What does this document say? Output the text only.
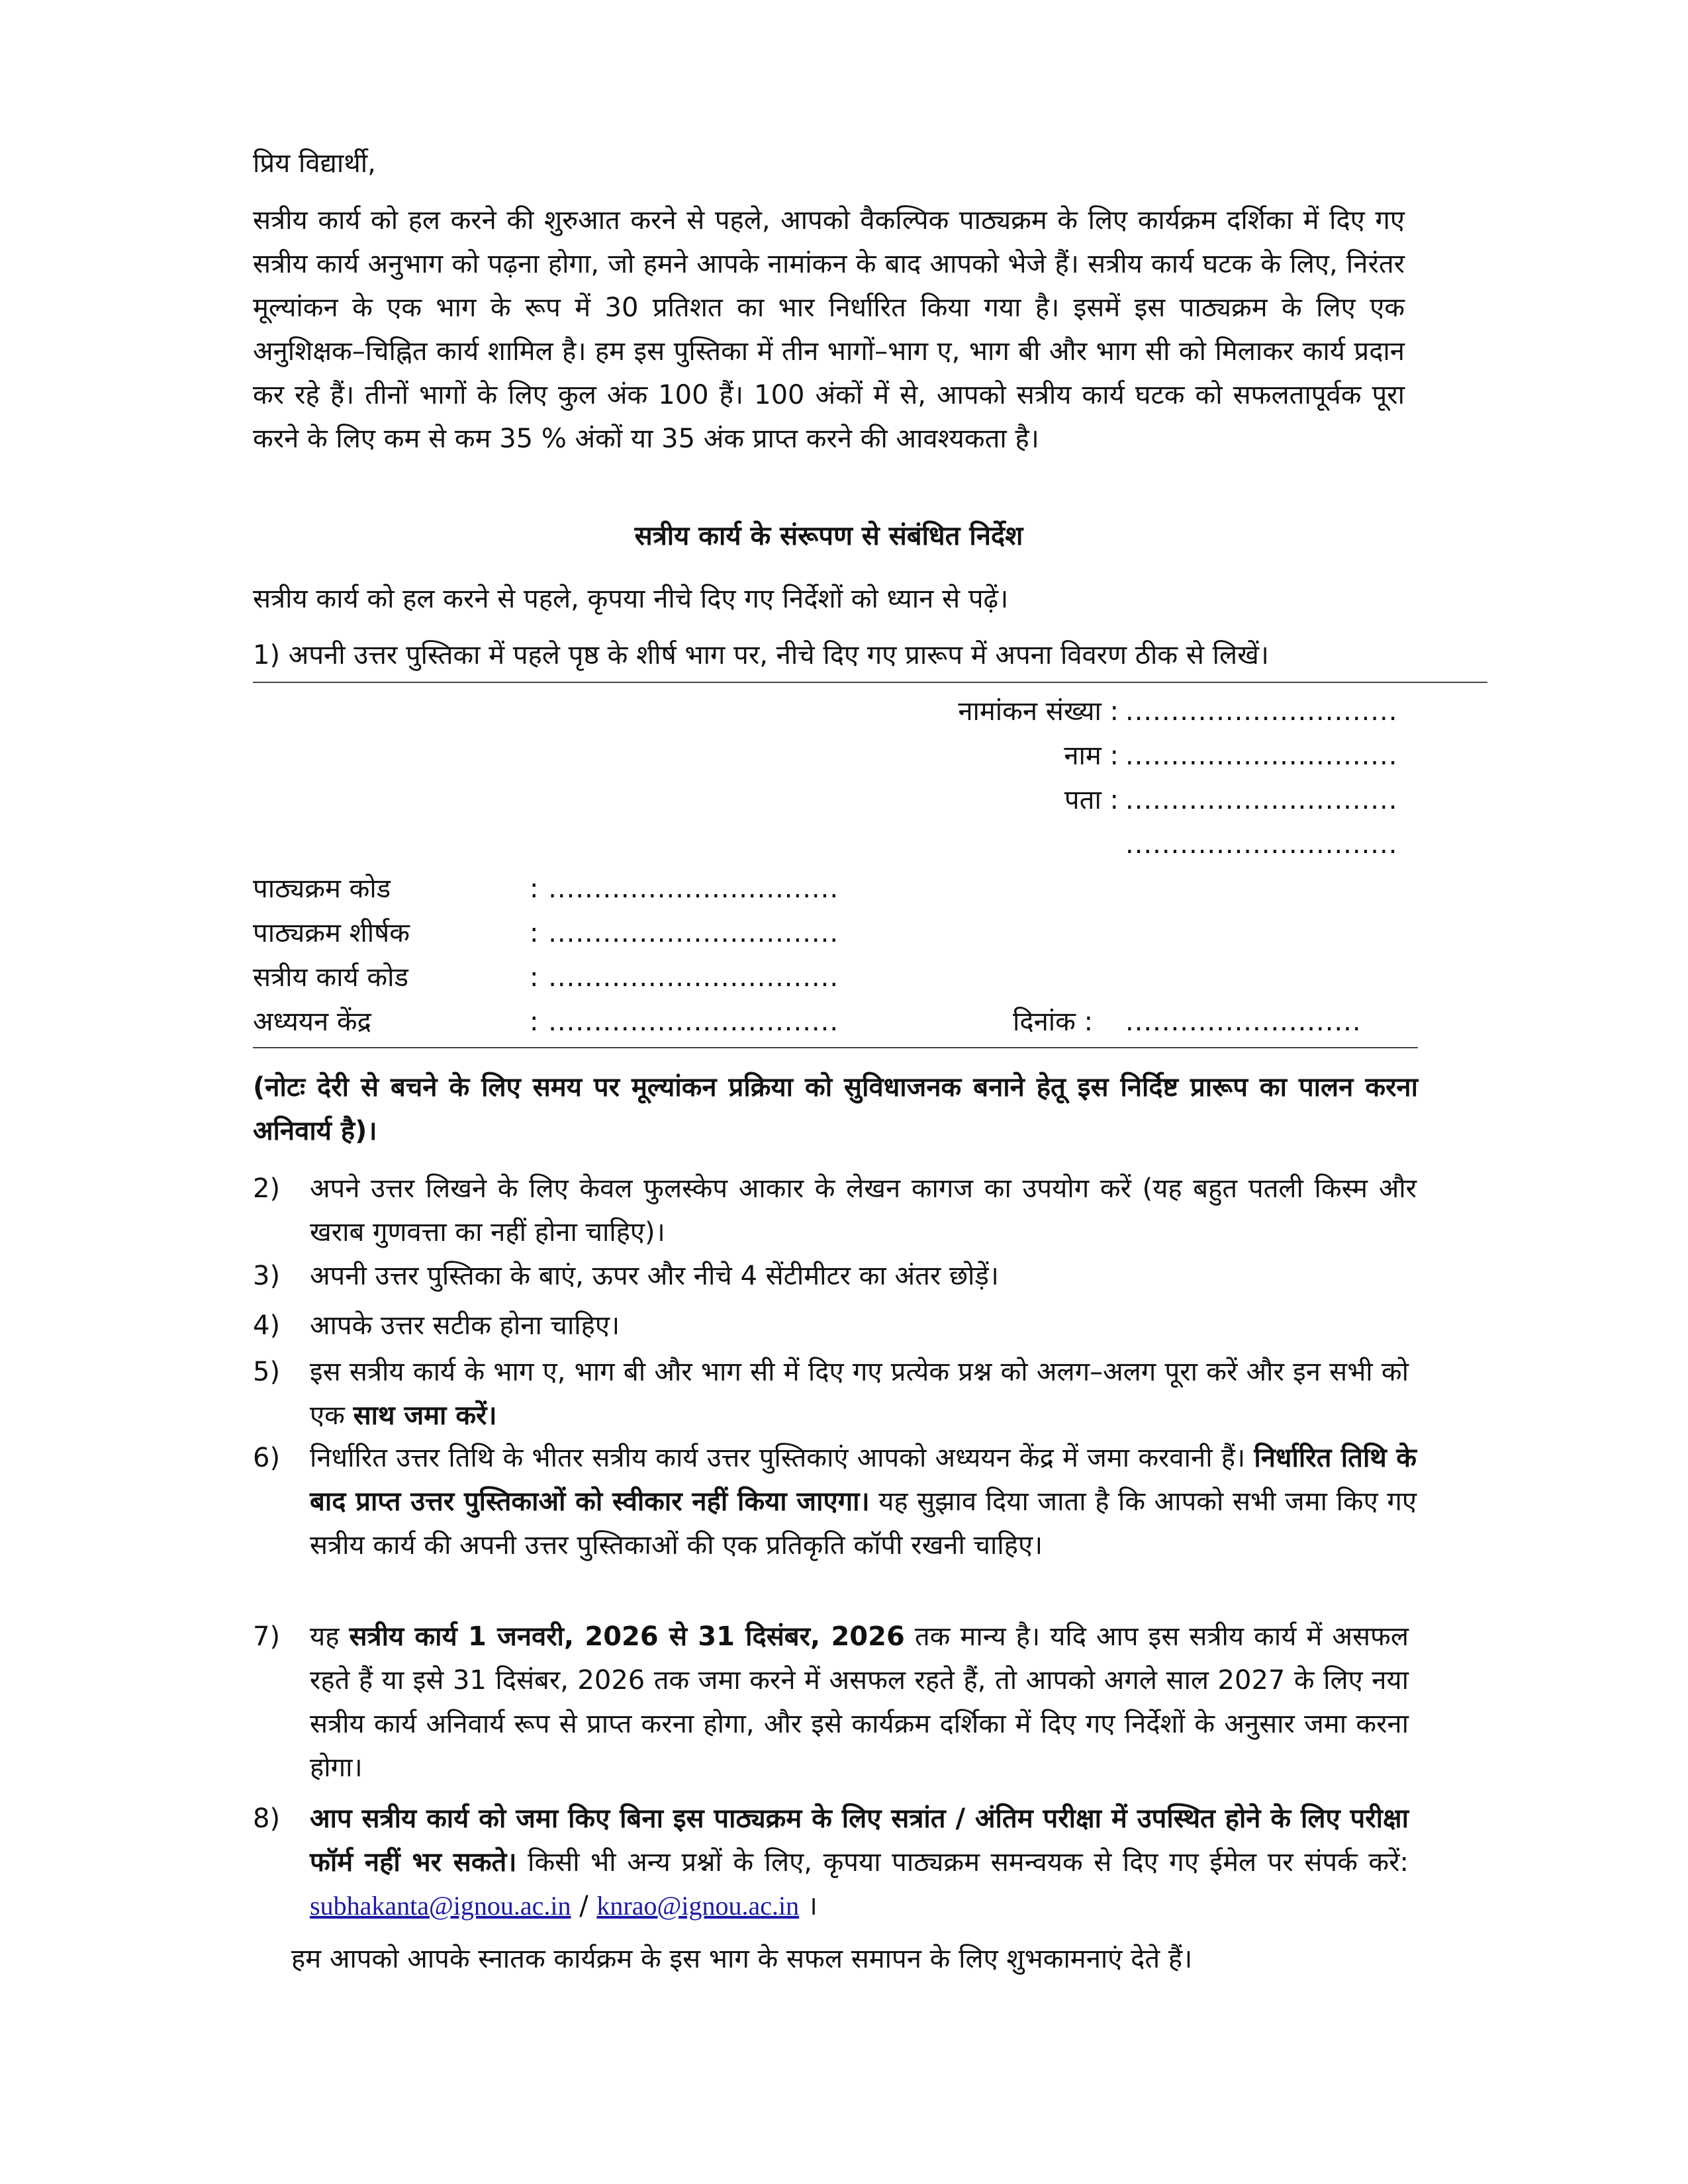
प्रिय विद्यार्थी,
सत्रीय कार्य को हल करने की शुरुआत करने से पहले, आपको वैकल्पिक पाठ्यक्रम के लिए कार्यक्रम दर्शिका में दिए गए सत्रीय कार्य अनुभाग को पढ़ना होगा, जो हमने आपके नामांकन के बाद आपको भेजे हैं। सत्रीय कार्य घटक के लिए, निरंतर मूल्यांकन के एक भाग के रूप में 30 प्रतिशत का भार निर्धारित किया गया है। इसमें इस पाठ्यक्रम के लिए एक अनुशिक्षक–चिह्नित कार्य शामिल है। हम इस पुस्तिका में तीन भागों–भाग ए, भाग बी और भाग सी को मिलाकर कार्य प्रदान कर रहे हैं। तीनों भागों के लिए कुल अंक 100 हैं। 100 अंकों में से, आपको सत्रीय कार्य घटक को सफलतापूर्वक पूरा करने के लिए कम से कम 35 % अंकों या 35 अंक प्राप्त करने की आवश्यकता है।
सत्रीय कार्य के संरूपण से संबंधित निर्देश
सत्रीय कार्य को हल करने से पहले, कृपया नीचे दिए गए निर्देशों को ध्यान से पढ़ें।
1) अपनी उत्तर पुस्तिका में पहले पृष्ठ के शीर्ष भाग पर, नीचे दिए गए प्रारूप में अपना विवरण ठीक से लिखें।
नामांकन संख्या : ..............................
नाम : ..............................
पता : ..............................
..............................
पाठ्यक्रम कोड	: ................................
पाठ्यक्रम शीर्षक	: ................................
सत्रीय कार्य कोड	: ................................
अध्ययन केंद्र	: ................................	दिनांक : ..........................
(नोटः देरी से बचने के लिए समय पर मूल्यांकन प्रक्रिया को सुविधाजनक बनाने हेतू इस निर्दिष्ट प्रारूप का पालन करना अनिवार्य है)।
2) अपने उत्तर लिखने के लिए केवल फुलस्केप आकार के लेखन कागज का उपयोग करें (यह बहुत पतली किस्म और खराब गुणवत्ता का नहीं होना चाहिए)।
3) अपनी उत्तर पुस्तिका के बाएं, ऊपर और नीचे 4 सेंटीमीटर का अंतर छोड़ें।
4) आपके उत्तर सटीक होना चाहिए।
5) इस सत्रीय कार्य के भाग ए, भाग बी और भाग सी में दिए गए प्रत्येक प्रश्न को अलग–अलग पूरा करें और इन सभी को एक साथ जमा करें।
6) निर्धारित उत्तर तिथि के भीतर सत्रीय कार्य उत्तर पुस्तिकाएं आपको अध्ययन केंद्र में जमा करवानी हैं। निर्धारित तिथि के बाद प्राप्त उत्तर पुस्तिकाओं को स्वीकार नहीं किया जाएगा। यह सुझाव दिया जाता है कि आपको सभी जमा किए गए सत्रीय कार्य की अपनी उत्तर पुस्तिकाओं की एक प्रतिकृति कॉपी रखनी चाहिए।
7) यह सत्रीय कार्य 1 जनवरी, 2026 से 31 दिसंबर, 2026 तक मान्य है। यदि आप इस सत्रीय कार्य में असफल रहते हैं या इसे 31 दिसंबर, 2026 तक जमा करने में असफल रहते हैं, तो आपको अगले साल 2027 के लिए नया सत्रीय कार्य अनिवार्य रूप से प्राप्त करना होगा, और इसे कार्यक्रम दर्शिका में दिए गए निर्देशों के अनुसार जमा करना होगा।
8) आप सत्रीय कार्य को जमा किए बिना इस पाठ्यक्रम के लिए सत्रांत / अंतिम परीक्षा में उपस्थित होने के लिए परीक्षा फॉर्म नहीं भर सकते। किसी भी अन्य प्रश्नों के लिए, कृपया पाठ्यक्रम समन्वयक से दिए गए ईमेल पर संपर्क करें: subhakanta@ignou.ac.in / knrao@ignou.ac.in ।
हम आपको आपके स्नातक कार्यक्रम के इस भाग के सफल समापन के लिए शुभकामनाएं देते हैं।
